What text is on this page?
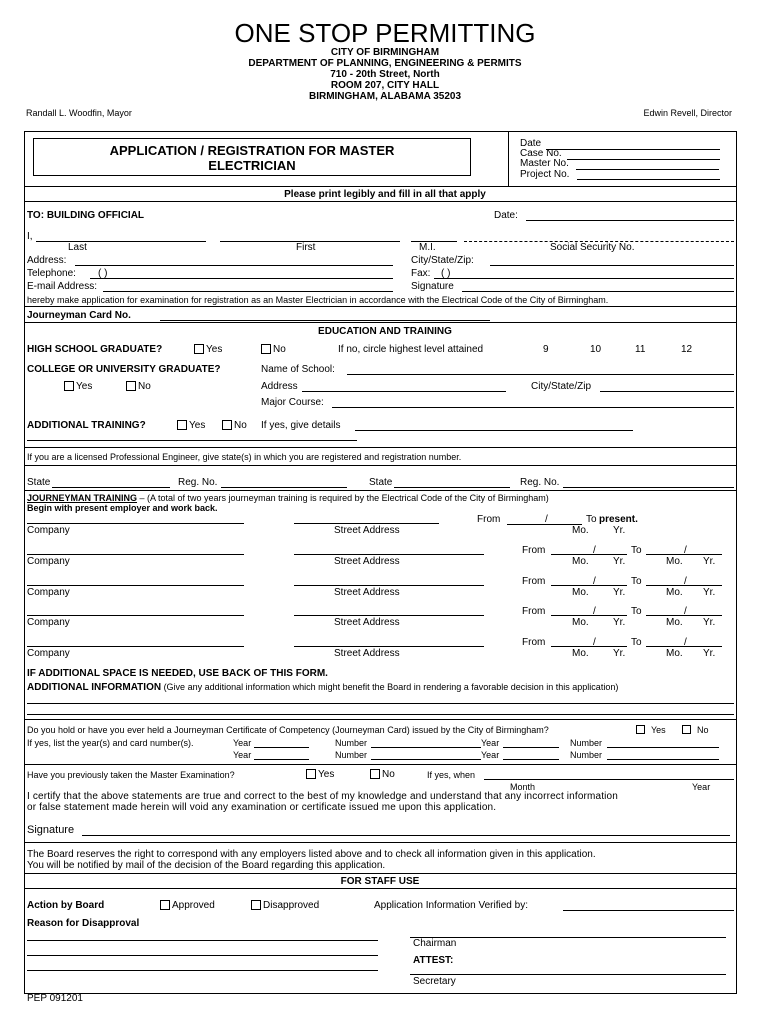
ONE STOP PERMITTING
CITY OF BIRMINGHAM
DEPARTMENT OF PLANNING, ENGINEERING & PERMITS
710 - 20th Street, North
ROOM 207, CITY HALL
BIRMINGHAM, ALABAMA 35203
Randall L. Woodfin, Mayor	Edwin Revell, Director
APPLICATION / REGISTRATION FOR MASTER
ELECTRICIAN
Date
Case No.
Master No.
Project No.
Please print legibly and fill in all that apply
TO: BUILDING OFFICIAL	Date:
I,
Last	First	M.I.	Social Security No.
Address:	City/State/Zip:
Telephone: ( )	Fax: ( )
E-mail Address:	Signature
hereby make application for examination for registration as an Master Electrician in accordance with the Electrical Code of the City of Birmingham.
Journeyman Card No.
EDUCATION AND TRAINING
HIGH SCHOOL GRADUATE?	Yes	No	If no, circle highest level attained	9	10	11	12
COLLEGE OR UNIVERSITY GRADUATE?	Name of School:
Yes	No	Address	City/State/Zip
Major Course:
ADDITIONAL TRAINING?	Yes	No If yes, give details
If you are a licensed Professional Engineer, give state(s) in which you are registered and registration number.
State	Reg. No.	State	Reg. No.
JOURNEYMAN TRAINING – (A total of two years journeyman training is required by the Electrical Code of the City of Birmingham)
Begin with present employer and work back.
Company	Street Address
From	/	To present.
Mo. Yr.
Company	Street Address
From	/	To	/
Mo. Yr.	Mo. Yr.
Company	Street Address
From	/	To	/
Mo. Yr.	Mo. Yr.
Company	Street Address
From	/	To	/
Mo. Yr.	Mo. Yr.
Company	Street Address
From	/	To	/
Mo. Yr.	Mo. Yr.
IF ADDITIONAL SPACE IS NEEDED, USE BACK OF THIS FORM.
ADDITIONAL INFORMATION (Give any additional information which might benefit the Board in rendering a favorable decision in this application)
Do you hold or have you ever held a Journeyman Certificate of Competency (Journeyman Card) issued by the City of Birmingham?	Yes	No
If yes, list the year(s) and card number(s).	Year	Number	Year	Number
Year	Number	Year	Number
Have you previously taken the Master Examination?	Yes	No	If yes, when
Month	Year
I certify that the above statements are true and correct to the best of my knowledge and understand that any incorrect information
or false statement made herein will void any examination or certificate issued me upon this application.
Signature
The Board reserves the right to correspond with any employers listed above and to check all information given in this application.
You will be notified by mail of the decision of the Board regarding this application.
FOR STAFF USE
Action by Board	Approved	Disapproved	Application Information Verified by:
Reason for Disapproval
Chairman
ATTEST:
Secretary
PEP 091201
